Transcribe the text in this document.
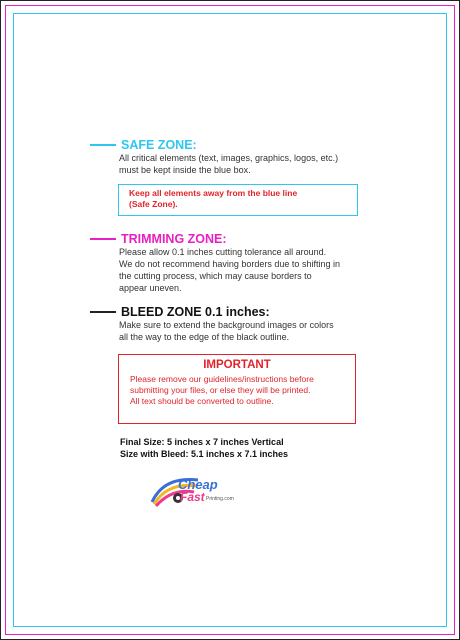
SAFE ZONE:
All critical elements (text, images, graphics, logos, etc.)
must be kept inside the blue box.
Keep all elements away from the blue line
(Safe Zone).
TRIMMING ZONE:
Please allow 0.1 inches cutting tolerance all around.
We do not recommend having borders due to shifting in
the cutting process, which may cause borders to
appear uneven.
BLEED ZONE 0.1 inches:
Make sure to extend the background images or colors
all the way to the edge of the black outline.
IMPORTANT
Please remove our guidelines/instructions before
submitting your files, or else they will be printed.
All text should be converted to outline.
Final Size: 5 inches x 7 inches Vertical
Size with Bleed: 5.1 inches x 7.1 inches
Cheap
Fast Printing.com
